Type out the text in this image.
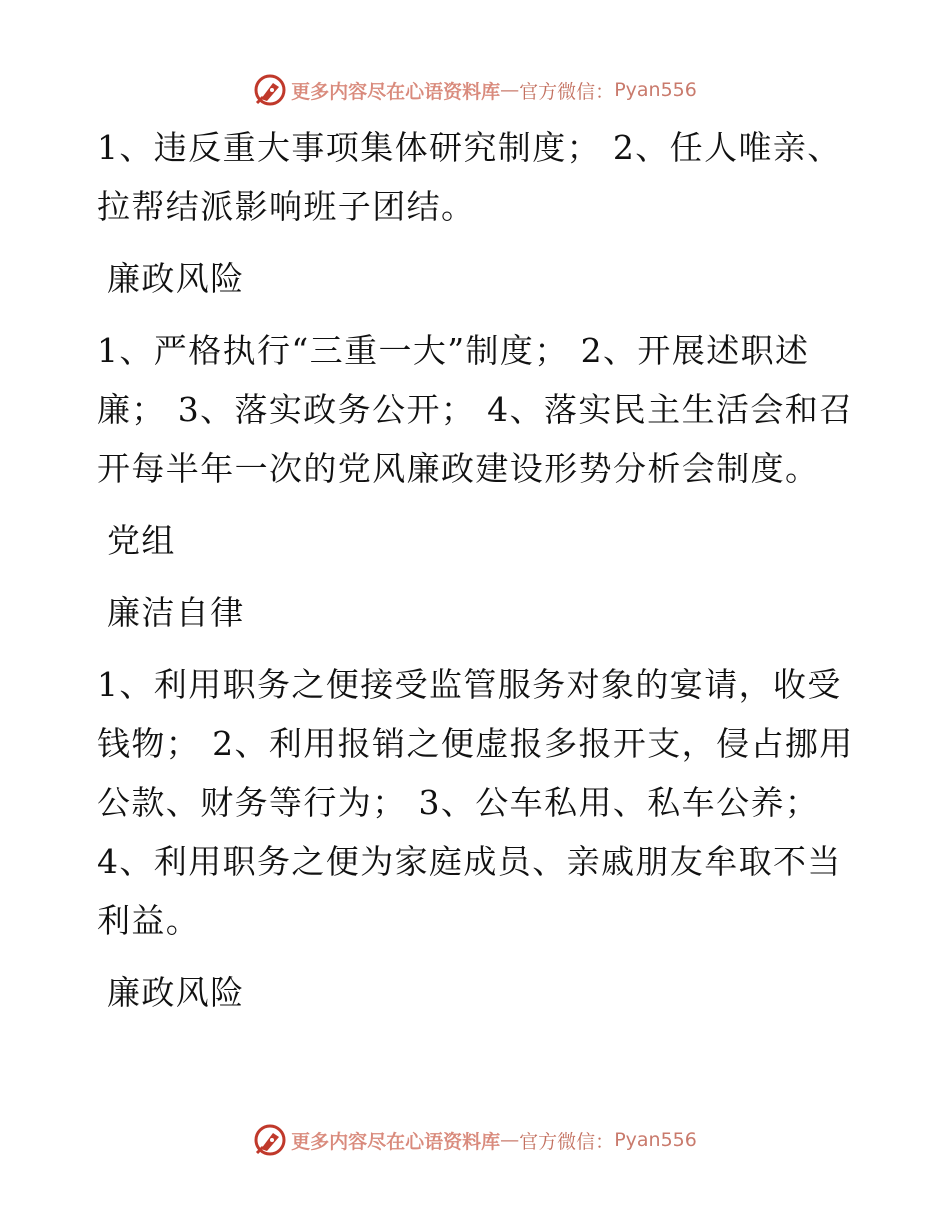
更多内容尽在心语资料库 — 官方微信： Pyan556

1、违反重大事项集体研究制度； 2、任人唯亲、拉帮结派影响班子团结。

廉政风险

1、严格执行“三重一大”制度； 2、开展述职述廉； 3、落实政务公开； 4、落实民主生活会和召开每半年一次的党风廉政建设形势分析会制度。

党组

廉洁自律

1、利用职务之便接受监管服务对象的宴请，收受钱物； 2、利用报销之便虚报多报开支，侵占挪用公款、财务等行为； 3、公车私用、私车公养； 4、利用职务之便为家庭成员、亲戚朋友牟取不当利益。

廉政风险

更多内容尽在心语资料库 — 官方微信： Pyan556
